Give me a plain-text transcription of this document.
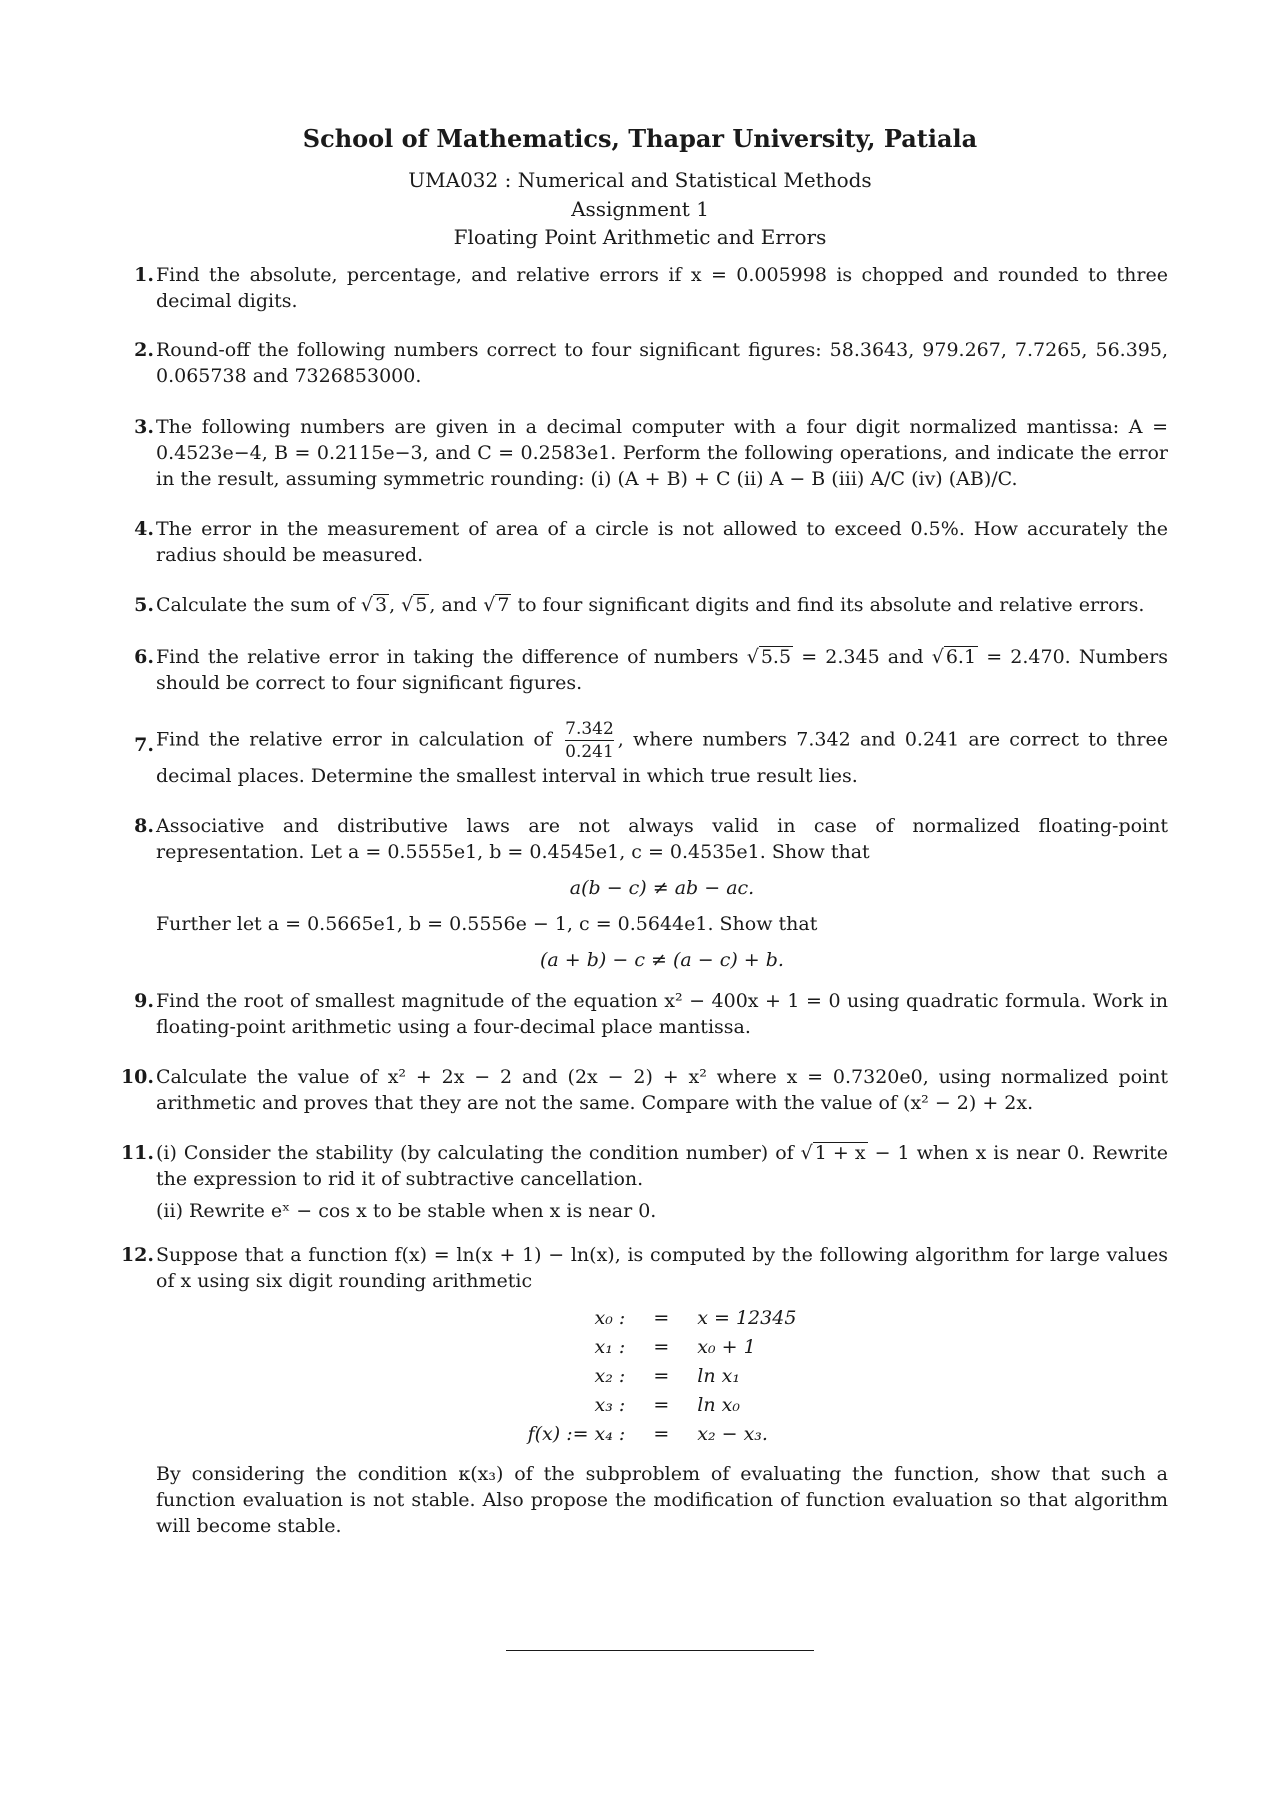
School of Mathematics, Thapar University, Patiala
UMA032 : Numerical and Statistical Methods
Assignment 1
Floating Point Arithmetic and Errors
1. Find the absolute, percentage, and relative errors if x = 0.005998 is chopped and rounded to three decimal digits.
2. Round-off the following numbers correct to four significant figures: 58.3643, 979.267, 7.7265, 56.395, 0.065738 and 7326853000.
3. The following numbers are given in a decimal computer with a four digit normalized mantissa: A = 0.4523e−4, B = 0.2115e−3, and C = 0.2583e1. Perform the following operations, and indicate the error in the result, assuming symmetric rounding: (i) (A + B) + C (ii) A − B (iii) A/C (iv) (AB)/C.
4. The error in the measurement of area of a circle is not allowed to exceed 0.5%. How accurately the radius should be measured.
5. Calculate the sum of √ 3 , √ 5 , and √ 7 to four significant digits and find its absolute and relative errors.
6. Find the relative error in taking the difference of numbers √ 5.5 = 2.345 and √ 6.1 = 2.470. Numbers should be correct to four significant figures.
7. Find the relative error in calculation of $\frac{7.342}{0.241}$ , where numbers 7.342 and 0.241 are correct to three decimal places. Determine the smallest interval in which true result lies.
8. Associative and distributive laws are not always valid in case of normalized floating-point representation. Let a = 0.5555e1, b = 0.4545e1, c = 0.4535e1. Show that
a(b − c) ≠ ab − ac.
Further let a = 0.5665e1, b = 0.5556e − 1, c = 0.5644e1. Show that
(a + b) − c ≠ (a − c) + b.
9. Find the root of smallest magnitude of the equation x² − 400x + 1 = 0 using quadratic formula. Work in floating-point arithmetic using a four-decimal place mantissa.
10. Calculate the value of x² + 2x − 2 and (2x − 2) + x² where x = 0.7320e0, using normalized point arithmetic and proves that they are not the same. Compare with the value of (x² − 2) + 2x.
11. (i) Consider the stability (by calculating the condition number) of √ 1 + x − 1 when x is near 0. Rewrite the expression to rid it of subtractive cancellation.
(ii) Rewrite eˣ − cos x to be stable when x is near 0.
12. Suppose that a function f(x) = ln(x + 1) − ln(x), is computed by the following algorithm for large values of x using six digit rounding arithmetic
x₀ :	=	x = 12345
x₁ :	=	x₀ + 1
x₂ :	=	ln x₁
x₃ :	=	ln x₀
f(x) := x₄ :	=	x₂ − x₃.
By considering the condition κ(x₃) of the subproblem of evaluating the function, show that such a function evaluation is not stable. Also propose the modification of function evaluation so that algorithm will become stable.
